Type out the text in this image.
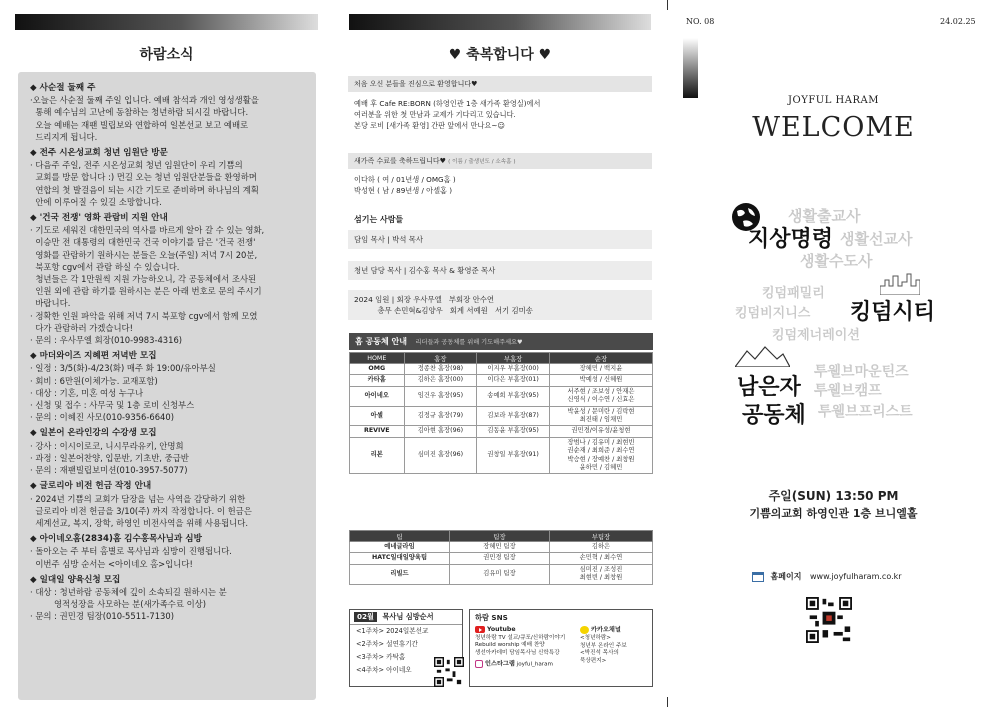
하람소식
◆ 사순절 둘째 주
·오늘은 사순절 둘째 주일 입니다. 예배 참석과 개인 영성생활을
통해 예수님의 고난에 동참하는 청년하람 되시길 바랍니다.
오늘 예배는 재팬 빌립보와 연합하여 일본선교 보고 예배로
드리지게 됩니다.
◆ 전주 시온성교회 청년 임원단 방문
· 다음주 주일, 전주 시온성교회 청년 임원단이 우리 기쁨의
교회를 방문 합니다 :) 먼길 오는 청년 임원단분들을 환영하며
연합의 첫 발걸음이 되는 시간 기도로 준비하며 하나님의 계획
안에 이루어질 수 있길 소망합니다.
◆ '건국 전쟁' 영화 관람비 지원 안내
· 기도로 세워진 대한민국의 역사를 바르게 알아 갈 수 있는 영화,
이승만 전 대통령의 대한민국 건국 이야기를 담은 '건국 전쟁'
영화를 관람하기 원하시는 분들은 오늘(주일) 저녁 7시 20분,
북포항 cgv에서 관람 하실 수 있습니다.
청년들은 각 1만원씩 지원 가능하오니, 각 공동체에서 조사된
인원 외에 관람 하기를 원하시는 분은 아래 번호로 문의 주시기
바랍니다.
· 정확한 인원 파악을 위해 저녁 7시 북포항 cgv에서 함께 모였
다가 관람하러 가겠습니다!
· 문의 : 우사무엘 회장(010-9983-4316)
◆ 마더와이즈 지혜편 저녁반 모집
· 일정 : 3/5(화)-4/23(화) 매주 화 19:00/유아부실
· 회비 : 6만원(이체가능. 교재포함)
· 대상 : 기혼, 미혼 여성 누구나
· 신청 및 접수 : 사무국 및 1층 로비 신청부스
· 문의 : 이혜진 사모(010-9356-6640)
◆ 일본어 온라인강의 수강생 모집
· 강사 : 이시이로코, 니시무라유키, 안명희
· 과정 : 일본어찬양, 입문반, 기초반, 중급반
· 문의 : 재팬빌립보미션(010-3957-5077)
◆ 글로리아 비전 헌금 작정 안내
· 2024년 기쁨의 교회가 담장을 넘는 사역을 감당하기 위한
글로리아 비전 헌금을 3/10(주) 까지 작정합니다. 이 헌금은
세계선교, 복지, 장학, 하영인 비전사역을 위해 사용됩니다.
◆ 아이네오홈(2834)홈 김수홍목사님과 심방
· 돌아오는 주 부터 홈별로 목사님과 심방이 진행됩니다.
이번주 심방 순서는 <아이네오 홈>입니다!
◆ 일대일 양육신청 모집
· 대상 : 청년하람 공동체에 깊이 소속되길 원하시는 분
영적성장을 사모하는 분(새가족수료 이상)
· 문의 : 권민경 팀장(010-5511-7130)
♥ 축복합니다 ♥
처음 오신 분들을 진심으로 환영합니다♥
예배 후 Cafe RE:BORN (하영인관 1층 새가족 환영실)에서
여러분을 위한 첫 만남과 교제가 기다리고 있습니다.
본당 로비 [새가족 환영] 간판 앞에서 만나요~☺
새가족 수료를 축하드립니다♥ ( 이름 / 출생년도 / 소속홈 )
이다하 ( 여 / 01년생 / OMG홈 )
박성현 ( 남 / 89년생 / 아셀홈 )
섬기는 사람들
담임 목사 | 박석 목사
청년 담당 목사 | 김수홍 목사 & 황영준 목사
2024 임원 | 회장 우사무엘   부회장 안수연
총무 손민혁&김양우   회계 서예원   서기 김미송
홈 공동체 안내 리더들과 공동체를 위해 기도해주세요♥
HOME	홈장	부홈장	순장
OMG	정종찬 홈장(98)	이지우 부홈장(00)	장혜민 / 백지윤
카타홈	김하은 홈장(00)	이다은 부홈장(01)	박예성 / 신혜원
아이네오	임건우 홈장(95)	송예희 부홈장(95)	서주현 / 조보성 / 안재은
신영식 / 이수연 / 신효은
아셀	김정규 홈장(79)	김보라 부홈장(87)	박윤성 / 문미란 / 김락현
최진태 / 임채민
REVIVE	김아현 홈장(96)	김동윤 부홈장(95)	권민경/이유성/윤청현
리본	심미진 홈장(96)	권창일 부홈장(91)	장범나 / 김유미 / 최현빈
권순재 / 최희준 / 최수연
박승현 / 장예찬 / 최창원
윤하민 / 김혜민
팀	팀장	부팀장
예네글라임	장혜민 팀장	김하은
HATC일대일양육팀	권민경 팀장	손민혁 / 최수연
리빌드	김유미 팀장	심미진 / 조성진
최현빈 / 최창원
02월 목사님 심방순서
<1주차> 2024일본선교
<2주차> 설연휴기간
<3주차> 카탁홈
<4주차> 아이네오
하람 SNS
Youtube
청년하람 TV 설교/큐포/신하람이야기
Rebuild worship 예배 찬양
생선아카데미 담임목사님 신학특강
인스타그램 joyful_haram
카카오채널
<청년하람>
청년부 온라인 주보
<박진석 목사의
묵상편지>
NO. 08	24.02.25
JOYFUL HARAM
WELCOME
생활출교사
지상명령 생활선교사
생활수도사
킹덤패밀리
킹덤비지니스 킹덤시티
킹덤제너레이션
남은자
공동체
투웰브마운틴즈
투웰브캠프
투웰브프리스트
주일(SUN) 13:50 PM
기쁨의교회 하영인관 1층 브니엘홀
홈페이지 www.joyfulharam.co.kr
